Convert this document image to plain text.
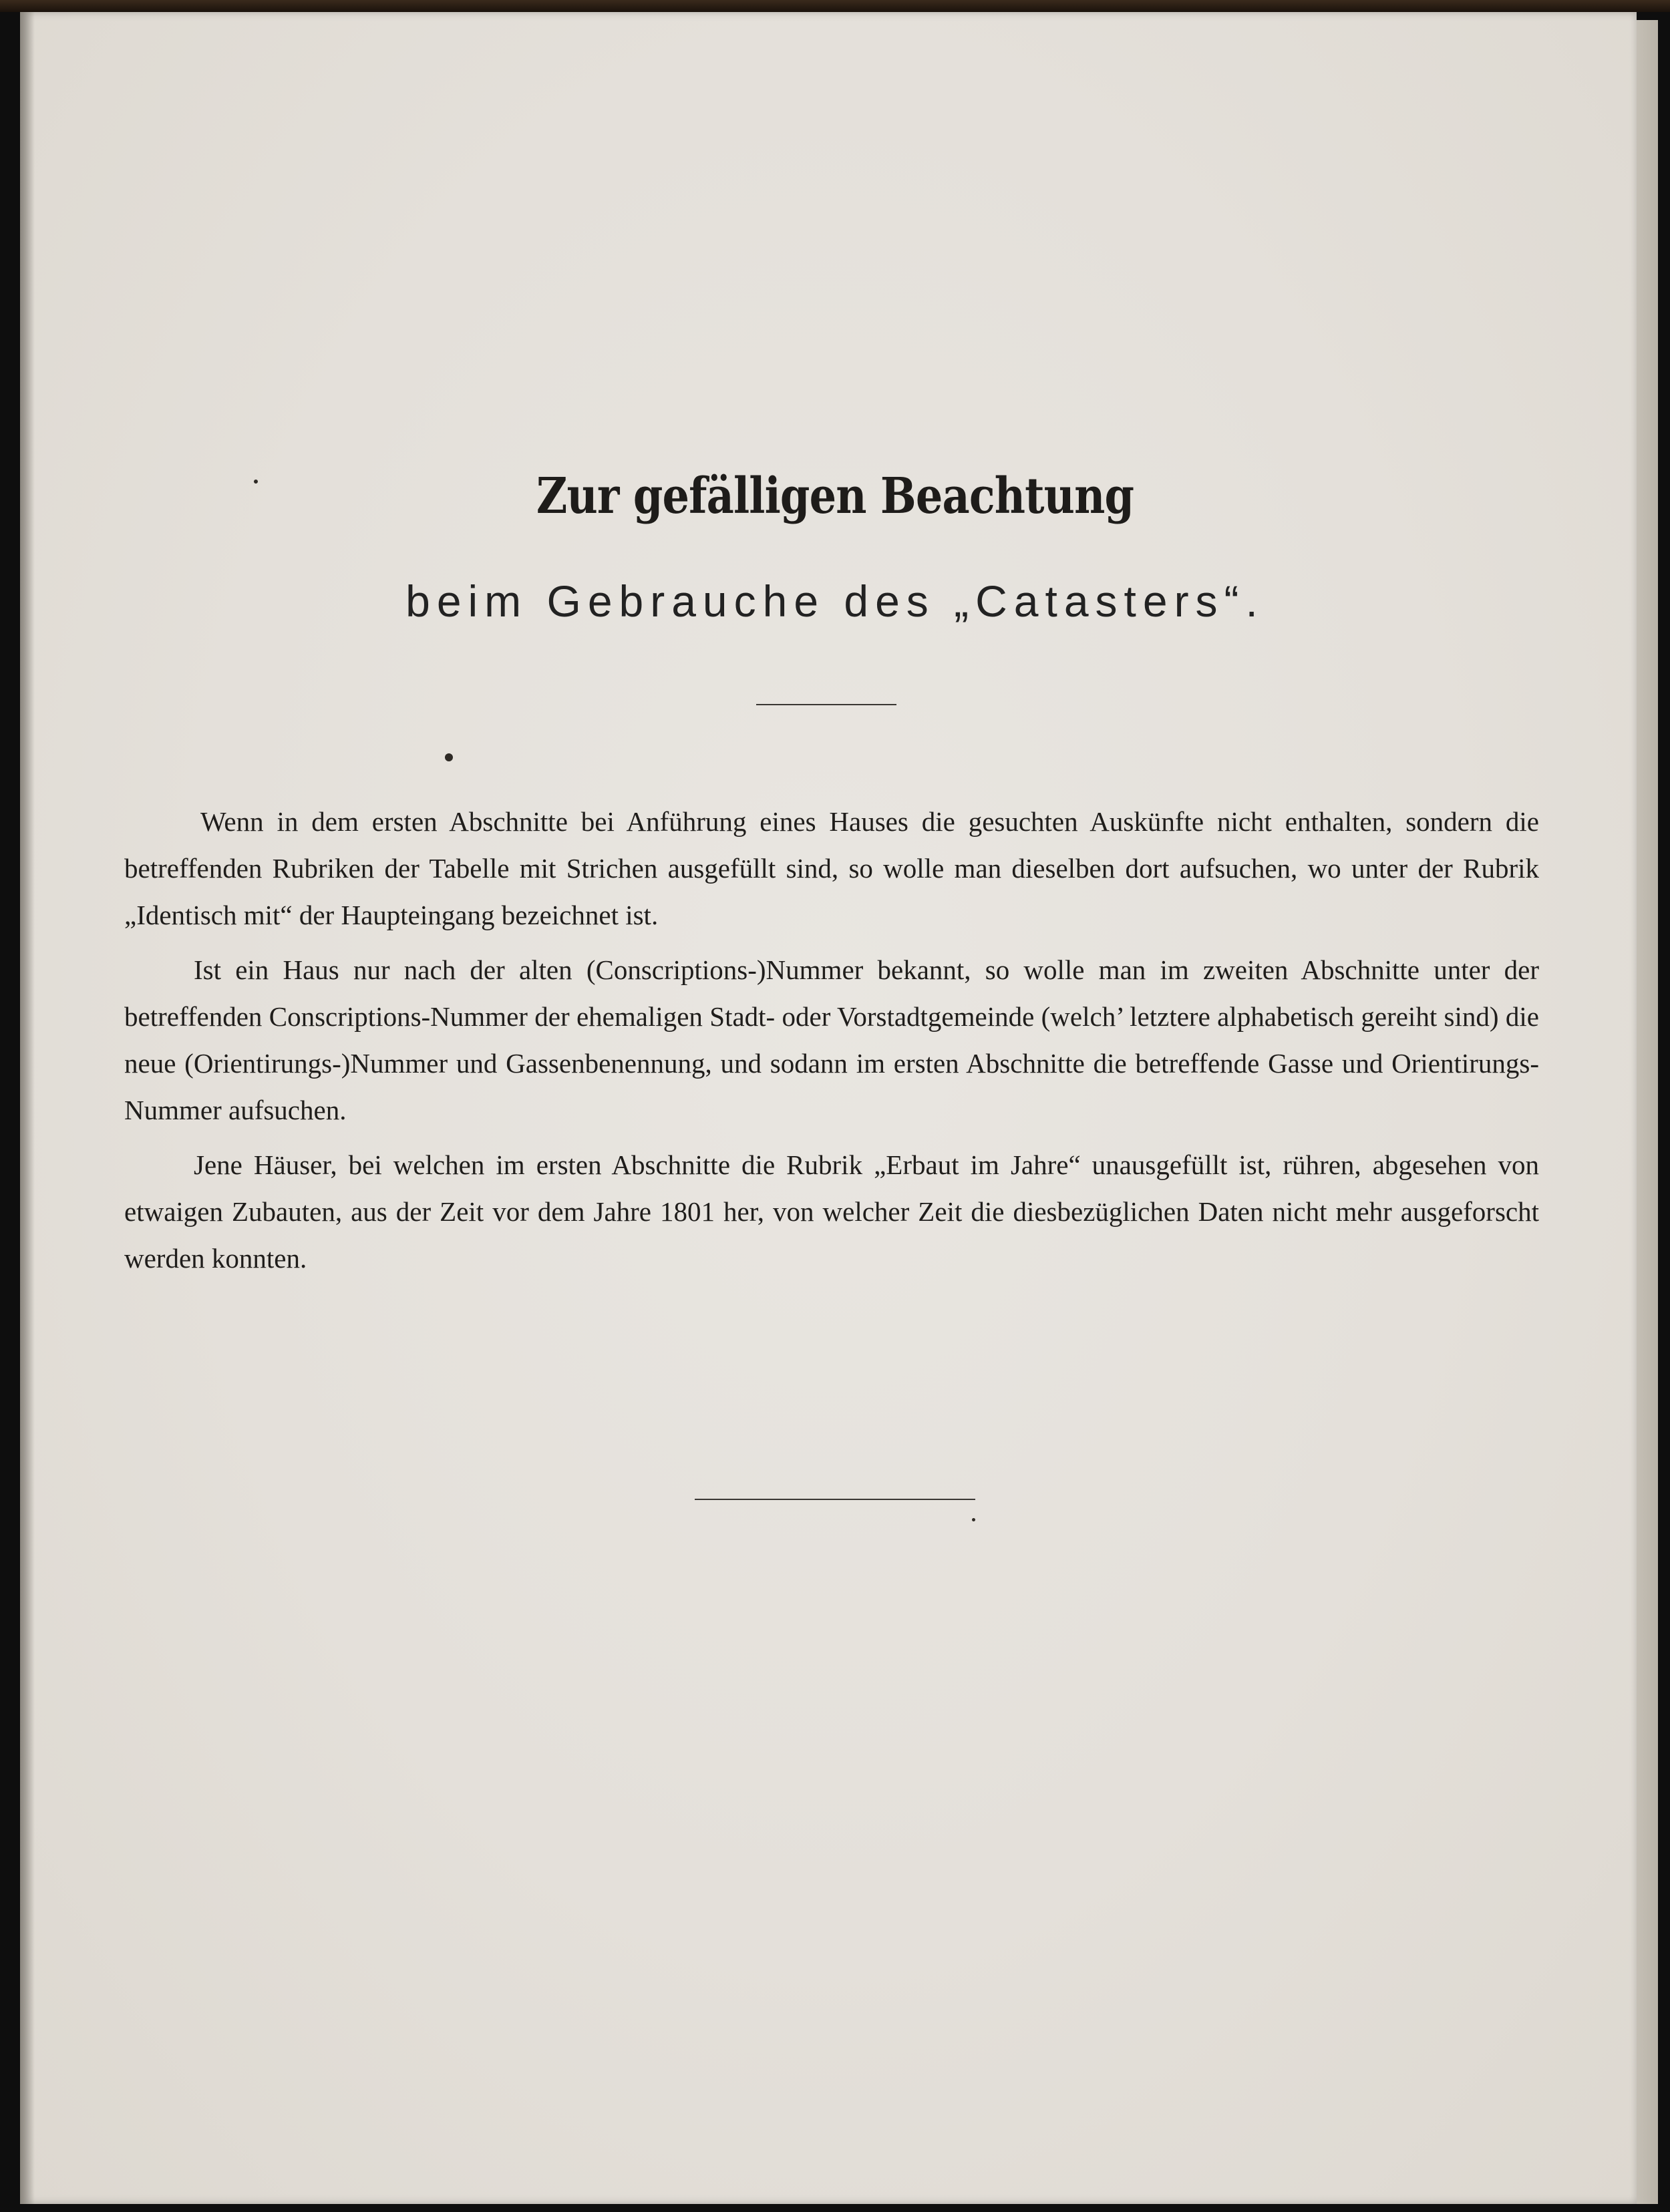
Zur gefälligen Beachtung
beim Gebrauche des „Catasters“.

Wenn in dem ersten Abschnitte bei Anführung eines Hauses die gesuchten Auskünfte nicht enthalten, sondern die betreffenden Rubriken der Tabelle mit Strichen ausgefüllt sind, so wolle man dieselben dort aufsuchen, wo unter der Rubrik „Identisch mit“ der Haupteingang bezeichnet ist.

Ist ein Haus nur nach der alten (Conscriptions-)Nummer bekannt, so wolle man im zweiten Abschnitte unter der betreffenden Conscriptions-Nummer der ehemaligen Stadt- oder Vorstadtgemeinde (welch’ letztere alphabetisch gereiht sind) die neue (Orientirungs-)Nummer und Gassenbenennung, und sodann im ersten Abschnitte die betreffende Gasse und Orientirungs-Nummer aufsuchen.

Jene Häuser, bei welchen im ersten Abschnitte die Rubrik „Erbaut im Jahre“ unausgefüllt ist, rühren, abgesehen von etwaigen Zubauten, aus der Zeit vor dem Jahre 1801 her, von welcher Zeit die diesbezüglichen Daten nicht mehr ausgeforscht werden konnten.
